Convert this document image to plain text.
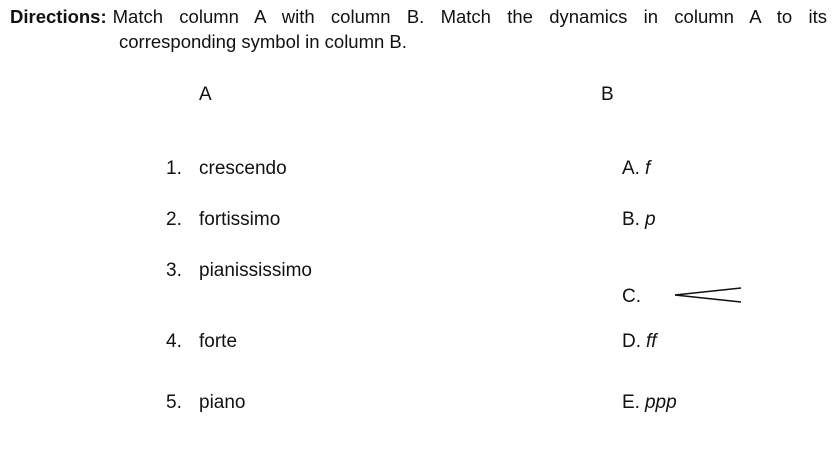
Directions: Match column A with column B. Match the dynamics in column A to its
corresponding symbol in column B.
A
1. crescendo
2. fortissimo
3. pianississimo
4. forte
5. piano
B
A. f
B. p
C.
D. ff
E. ppp
